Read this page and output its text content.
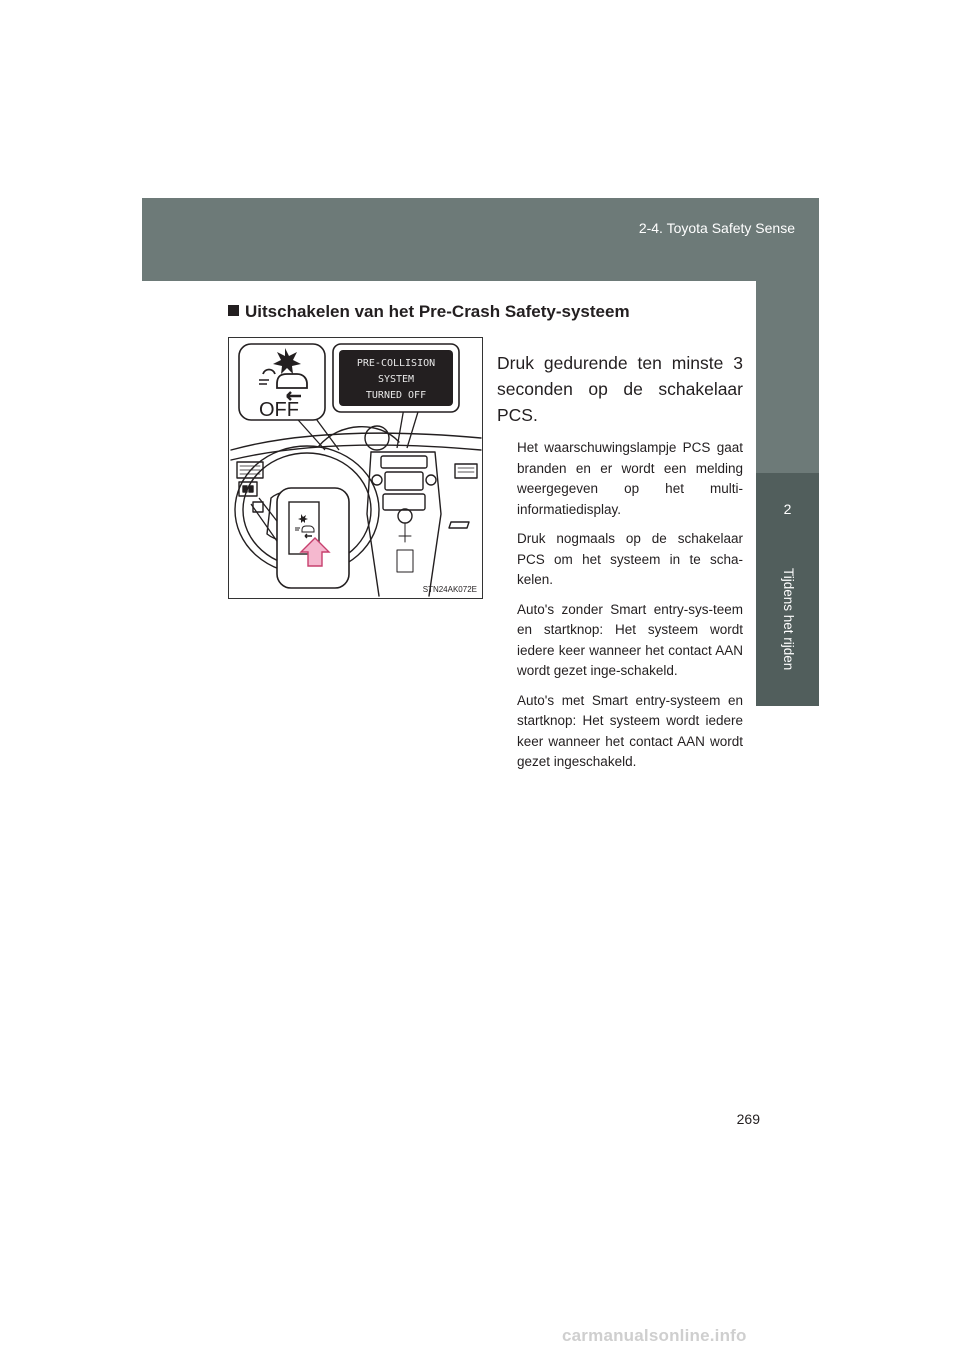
2-4. Toyota Safety Sense
2
Tijdens het rijden
Uitschakelen van het Pre-Crash Safety-systeem
OFF
PRE-COLLISION
SYSTEM
TURNED OFF
STN24AK072E
Druk gedurende ten minste 3 seconden op de schakelaar PCS.

Het waarschuwingslampje PCS gaat branden en er wordt een melding weergegeven op het multi-informatiedisplay.

Druk nogmaals op de schakelaar PCS om het systeem in te scha-kelen.

Auto's zonder Smart entry-sys-teem en startknop: Het systeem wordt iedere keer wanneer het contact AAN wordt gezet inge-schakeld.

Auto's met Smart entry-systeem en startknop: Het systeem wordt iedere keer wanneer het contact AAN wordt gezet ingeschakeld.

269
carmanualsonline.info
